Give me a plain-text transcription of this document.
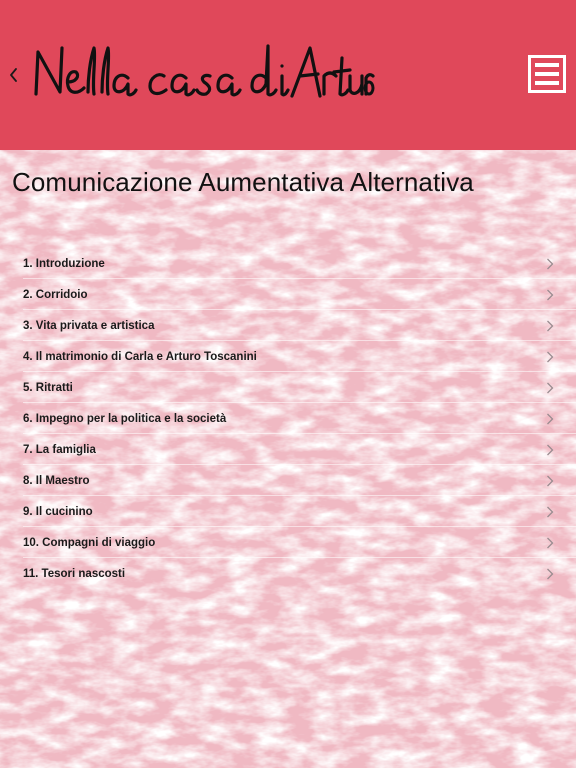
Comunicazione Aumentativa Alternativa
1. Introduzione
2. Corridoio
3. Vita privata e artistica
4. Il matrimonio di Carla e Arturo Toscanini
5. Ritratti
6. Impegno per la politica e la società
7. La famiglia
8. Il Maestro
9. Il cucinino
10. Compagni di viaggio
11. Tesori nascosti
